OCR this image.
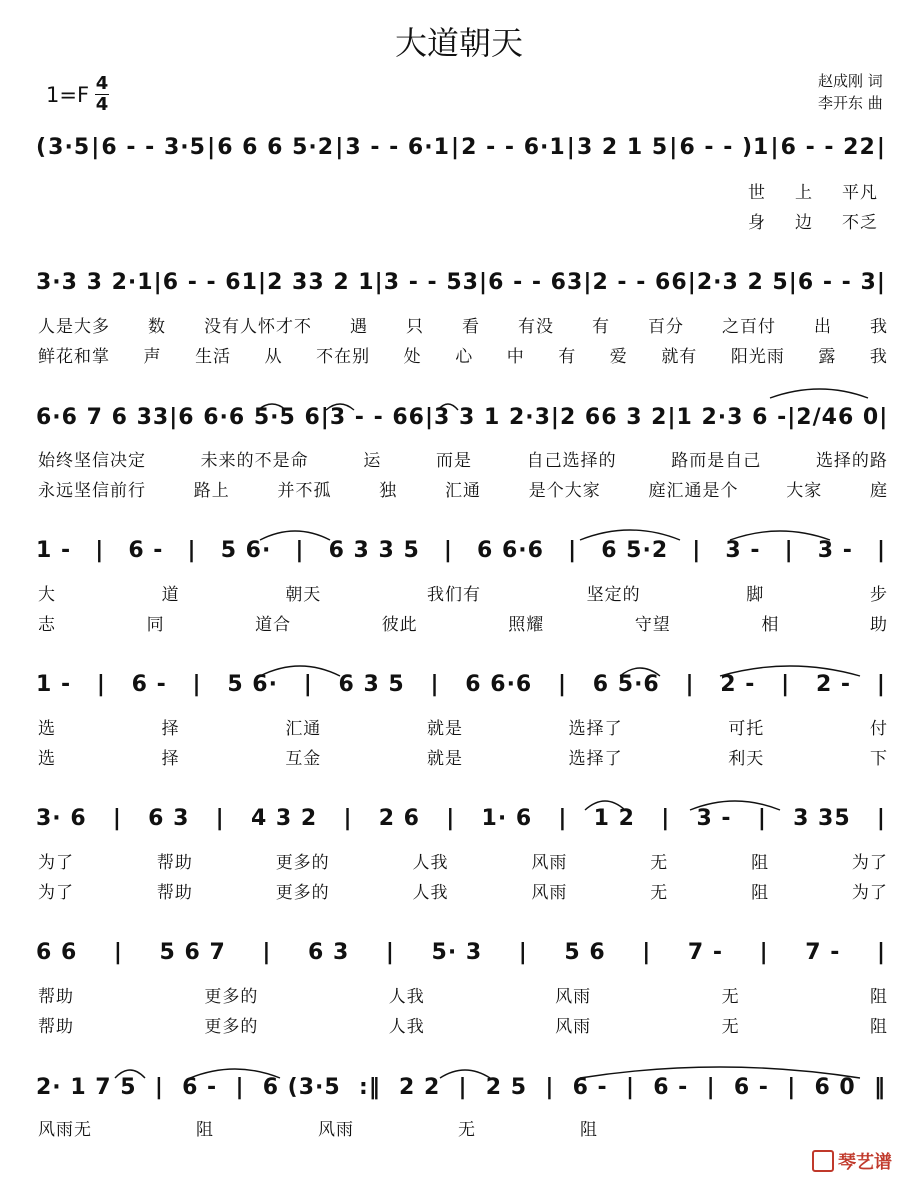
大道朝天
$1=F \frac{4}{4}$	赵成刚 词
李开东 曲
( 3·5 | 6 - - 3·5 | 6 6 6 5·2 | 3 - - 6·1 | 2 - - 6·1 | 3 2 1 5 | 6 - - )1 | 6 - - 22 |
世 上 平凡
身 边 不乏
3·3 3 2·1 | 6 - - 61 | 2 33 2 1 | 3 - - 53 | 6 - - 63 | 2 - - 66 | 2·3 2 5 | 6 - - 3 |
人是大多 数 没有人怀才不 遇 只 看 有没 有 百分 之百付 出 我
鲜花和掌 声 生活 从 不在别 处 心 中 有 爱 就有 阳光雨 露 我
6·6 7 6 33 | 6 6·6 5·5 6 | 3 - - 66 | 3 3 1 2·3 | 2 66 3 2 | 1 2·3 6 - | 2/4 6 0 |
始终坚信决定	未来的不是命	运	而是	自己选择的	路而是自己	选择的路
永远坚信前行	路上	并不孤	独	汇通	是个大家	庭汇通是个	大家	庭
1 - | 6 - | 5 6· | 6 3 3 5 | 6 6·6 | 6 5·2 | 3 - | 3 - |
大	道	朝天	我们有	坚定的	脚	步
志	同	道合	彼此	照耀	守望	相	助
1 - | 6 - | 5 6· | 6 3 5 | 6 6·6 | 6 5·6 | 2 - | 2 - |
选	择	汇通	就是	选择了	可托	付
选	择	互金	就是	选择了	利天	下
3· 6 | 6 3 | 4 3 2 | 2 6 | 1· 6 | 1 2 | 3 - | 3 35 |
为了	帮助	更多的	人我	风雨	无	阻	为了
为了	帮助	更多的	人我	风雨	无	阻	为了
6 6 | 5 6 7 | 6 3 | 5· 3 | 5 6 | 7 - | 7 - |
帮助	更多的	人我	风雨	无	阻
帮助	更多的	人我	风雨	无	阻
2· 1 7 5 | 6 - | 6 (3·5 :‖ 2 2 | 2 5 | 6 - | 6 - | 6 - | 6 0 ‖
风雨无	阻	风雨	无	阻
琴艺谱
